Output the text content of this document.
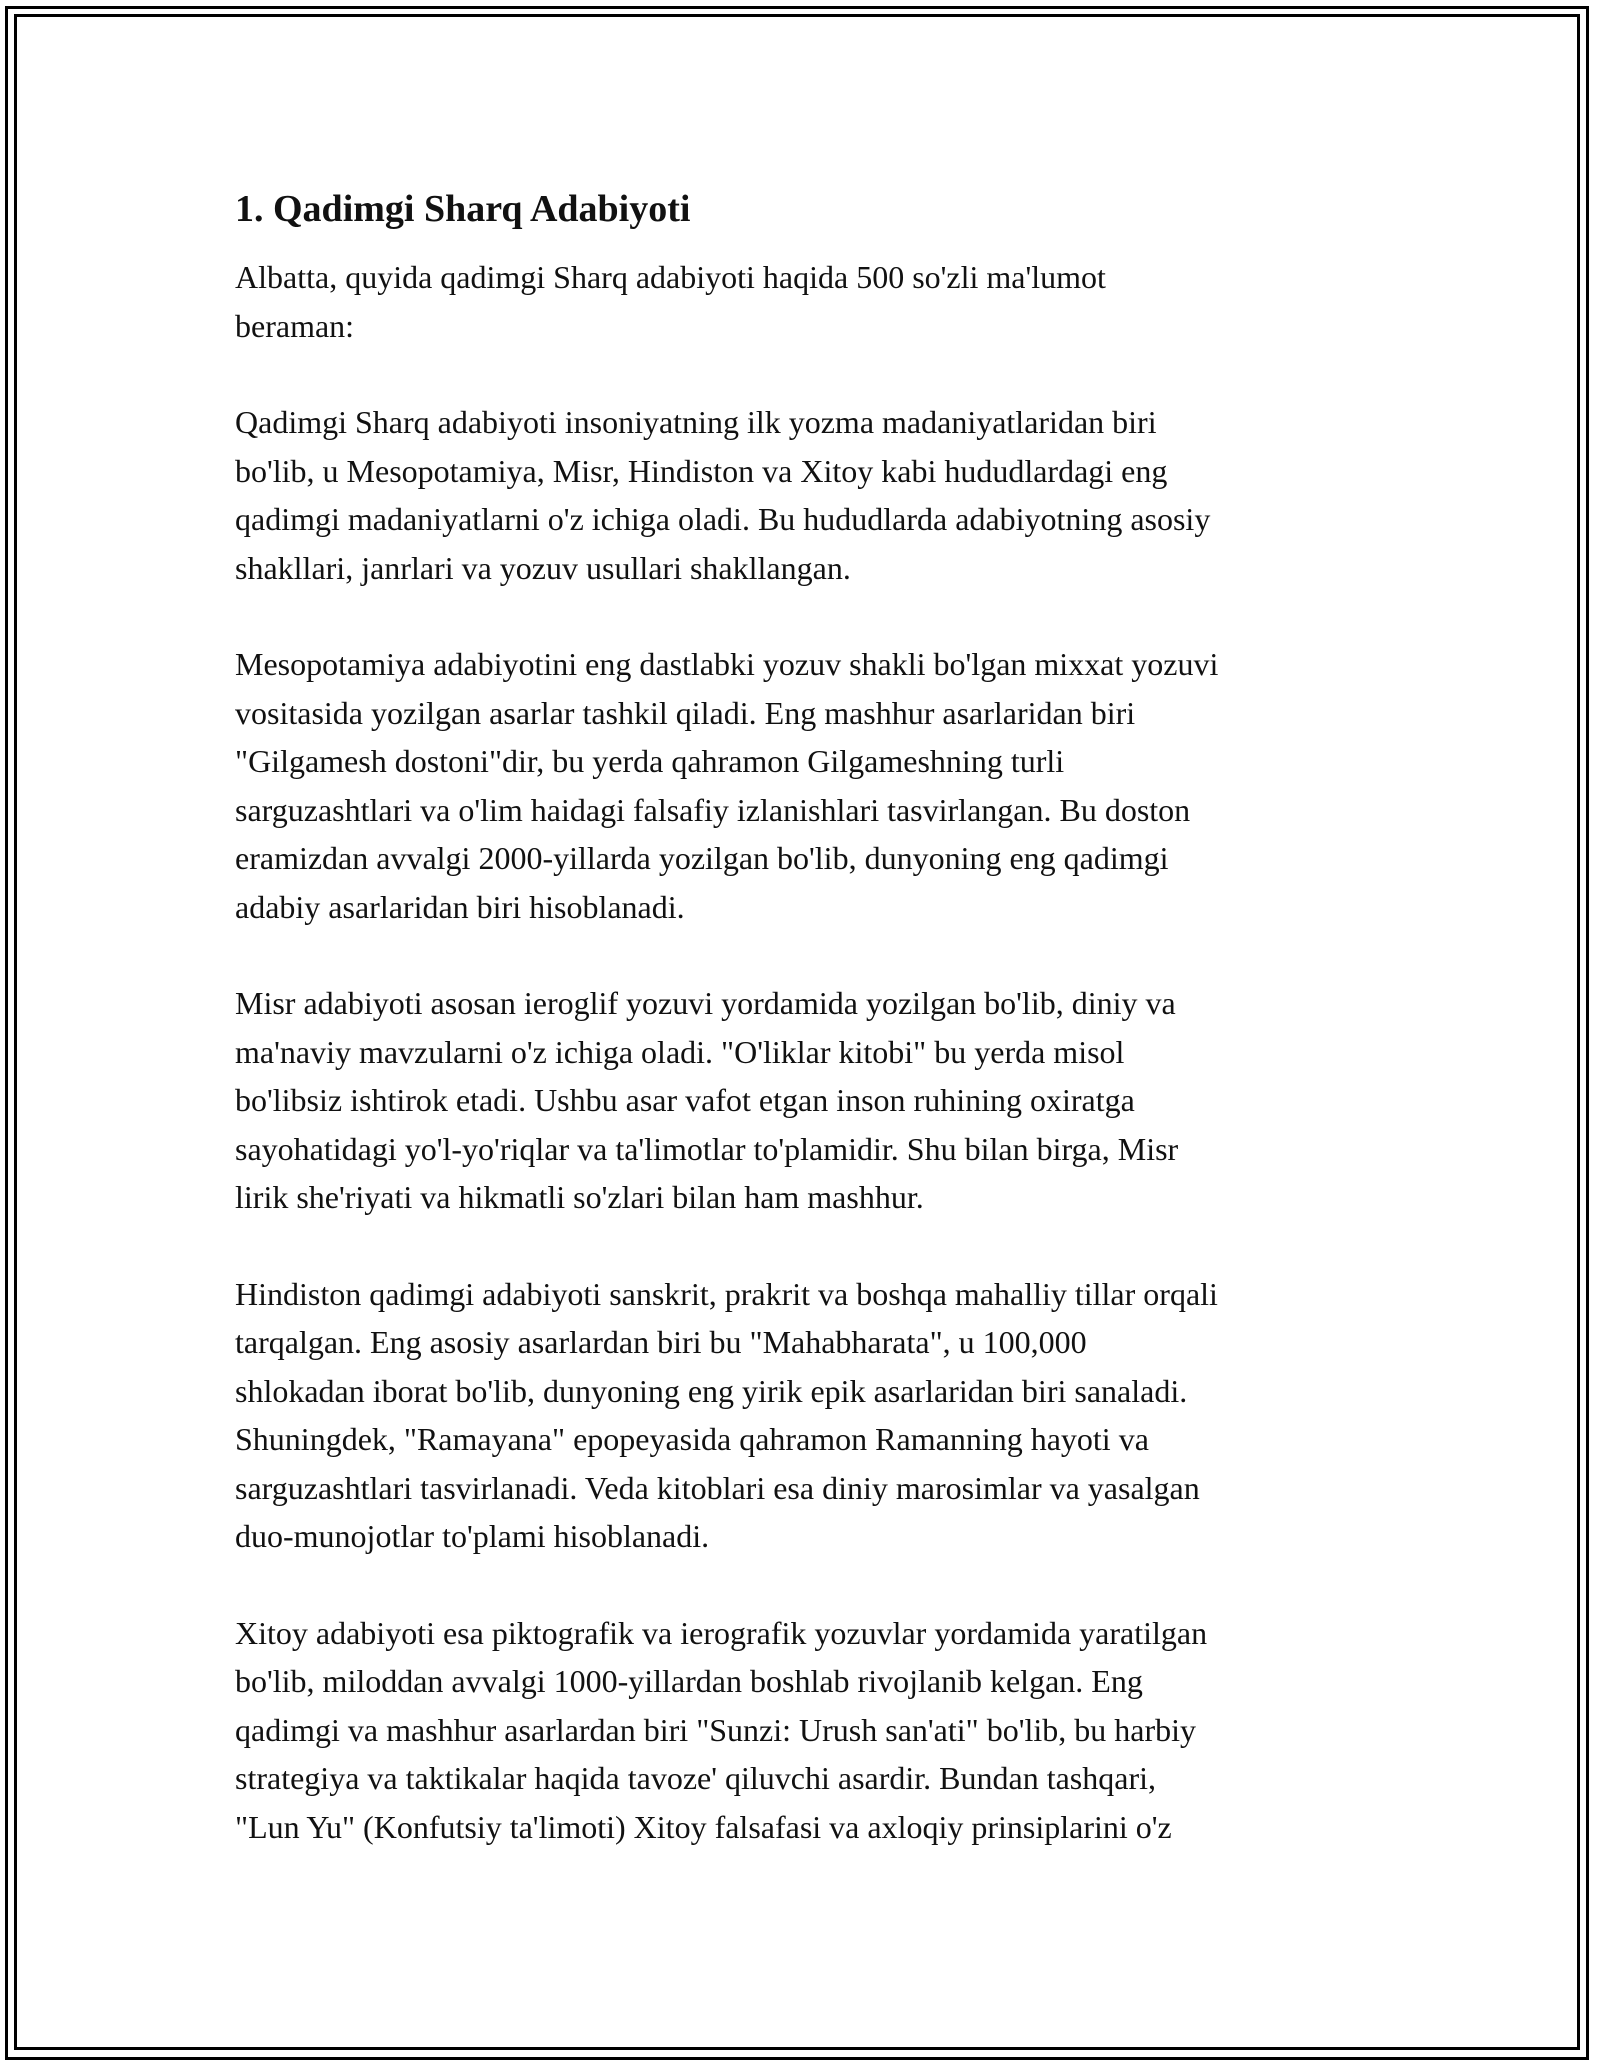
1. Qadimgi Sharq Adabiyoti

Albatta, quyida qadimgi Sharq adabiyoti haqida 500 so'zli ma'lumot
beraman:

Qadimgi Sharq adabiyoti insoniyatning ilk yozma madaniyatlaridan biri
bo'lib, u Mesopotamiya, Misr, Hindiston va Xitoy kabi hududlardagi eng
qadimgi madaniyatlarni o'z ichiga oladi. Bu hududlarda adabiyotning asosiy
shakllari, janrlari va yozuv usullari shakllangan.

Mesopotamiya adabiyotini eng dastlabki yozuv shakli bo'lgan mixxat yozuvi
vositasida yozilgan asarlar tashkil qiladi. Eng mashhur asarlaridan biri
"Gilgamesh dostoni"dir, bu yerda qahramon Gilgameshning turli
sarguzashtlari va o'lim haidagi falsafiy izlanishlari tasvirlangan. Bu doston
eramizdan avvalgi 2000-yillarda yozilgan bo'lib, dunyoning eng qadimgi
adabiy asarlaridan biri hisoblanadi.

Misr adabiyoti asosan ieroglif yozuvi yordamida yozilgan bo'lib, diniy va
ma'naviy mavzularni o'z ichiga oladi. "O'liklar kitobi" bu yerda misol
bo'libsiz ishtirok etadi. Ushbu asar vafot etgan inson ruhining oxiratga
sayohatidagi yo'l-yo'riqlar va ta'limotlar to'plamidir. Shu bilan birga, Misr
lirik she'riyati va hikmatli so'zlari bilan ham mashhur.

Hindiston qadimgi adabiyoti sanskrit, prakrit va boshqa mahalliy tillar orqali
tarqalgan. Eng asosiy asarlardan biri bu "Mahabharata", u 100,000
shlokadan iborat bo'lib, dunyoning eng yirik epik asarlaridan biri sanaladi.
Shuningdek, "Ramayana" epopeyasida qahramon Ramanning hayoti va
sarguzashtlari tasvirlanadi. Veda kitoblari esa diniy marosimlar va yasalgan
duo-munojotlar to'plami hisoblanadi.

Xitoy adabiyoti esa piktografik va ierografik yozuvlar yordamida yaratilgan
bo'lib, miloddan avvalgi 1000-yillardan boshlab rivojlanib kelgan. Eng
qadimgi va mashhur asarlardan biri "Sunzi: Urush san'ati" bo'lib, bu harbiy
strategiya va taktikalar haqida tavoze' qiluvchi asardir. Bundan tashqari,
"Lun Yu" (Konfutsiy ta'limoti) Xitoy falsafasi va axloqiy prinsiplarini o'z
